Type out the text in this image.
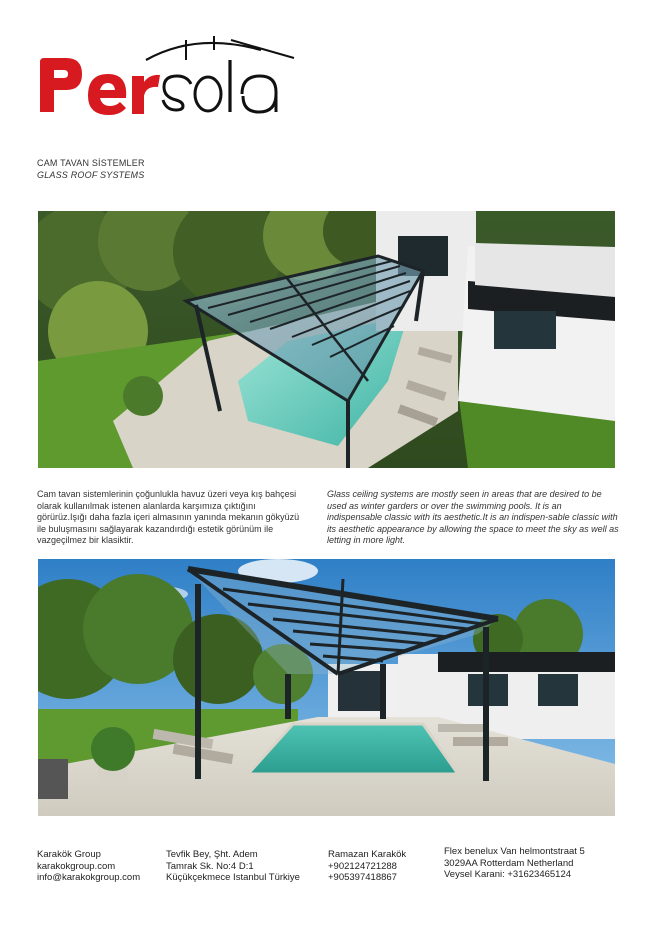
CAM TAVAN SİSTEMLER
GLASS ROOF SYSTEMS

Cam tavan sistemlerinin çoğunlukla havuz üzeri veya kış bahçesi olarak kullanılmak istenen alanlarda karşımıza çıktığını görürüz.Işığı daha fazla içeri almasının yanında mekanın gökyüzü ile buluşmasını sağlayarak kazandırdığı estetik görünüm ile vazgeçilmez bir klasiktir.

Glass ceiling systems are mostly seen in areas that are desired to be used as winter garders or over the swimming pools. It is an indispensable classic with its aesthetic.It is an indispen-sable classic with its aesthetic appearance by allowing the space to meet the sky as well as letting in more light.

Karakök Group
karakokgroup.com
info@karakokgroup.com
Tevfik Bey, Şht. Adem
Tamrak Sk. No:4 D:1
Küçükçekmece Istanbul Türkiye
Ramazan Karakök
+902124721288
+905397418867
Flex benelux Van helmontstraat 5
3029AA Rotterdam Netherland
Veysel Karani: +31623465124
